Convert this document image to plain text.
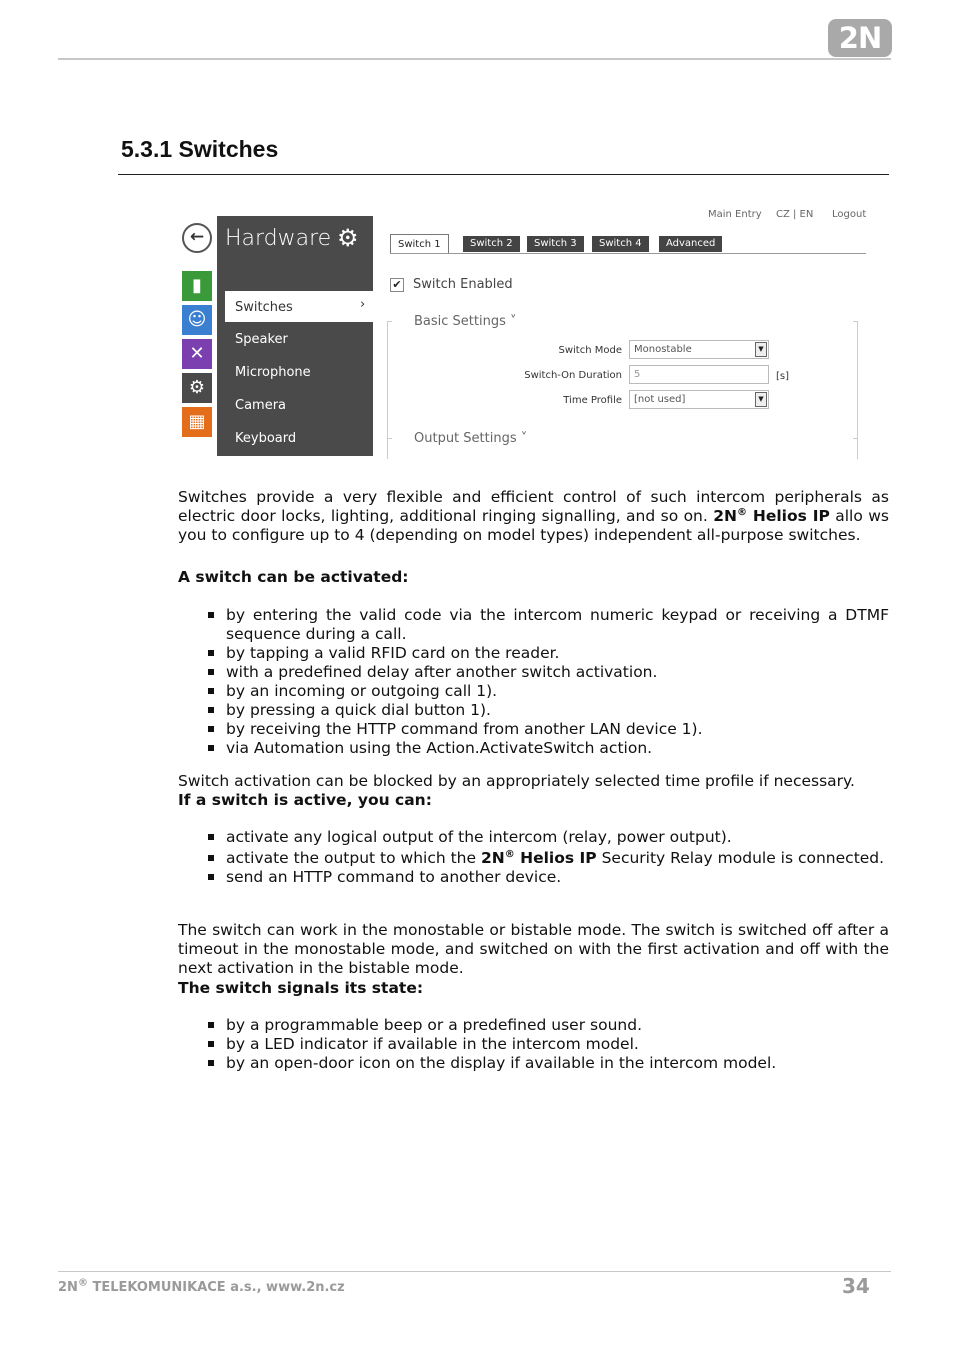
2N
5.3.1 Switches
←
▮
☺
✕
⚙
▦
Hardware ⚙
Switches	›
Speaker
Microphone
Camera
Keyboard
Main Entry CZ | EN Logout
Switch 1	Switch 2	Switch 3	Switch 4	Advanced
✔ Switch Enabled
Basic Settings ˅
Switch Mode	Monostable	▼
Switch-On Duration	5	[s]
Time Profile	[not used]	▼
Output Settings ˅
Switches provide a very flexible and efficient control of such intercom peripherals as electric door locks, lighting, additional ringing signalling, and so on. 2N® Helios IP allo ws you to configure up to 4 (depending on model types) independent all-purpose switches.
A switch can be activated:
by entering the valid code via the intercom numeric keypad or receiving a DTMF sequence during a call.
by tapping a valid RFID card on the reader.
with a predefined delay after another switch activation.
by an incoming or outgoing call 1).
by pressing a quick dial button 1).
by receiving the HTTP command from another LAN device 1).
via Automation using the Action.ActivateSwitch action.
Switch activation can be blocked by an appropriately selected time profile if necessary.
If a switch is active, you can:
activate any logical output of the intercom (relay, power output).
activate the output to which the 2N® Helios IP Security Relay module is connected.
send an HTTP command to another device.
The switch can work in the monostable or bistable mode. The switch is switched off after a timeout in the monostable mode, and switched on with the first activation and off with the next activation in the bistable mode.
The switch signals its state:
by a programmable beep or a predefined user sound.
by a LED indicator if available in the intercom model.
by an open-door icon on the display if available in the intercom model.
2N® TELEKOMUNIKACE a.s., www.2n.cz	34
